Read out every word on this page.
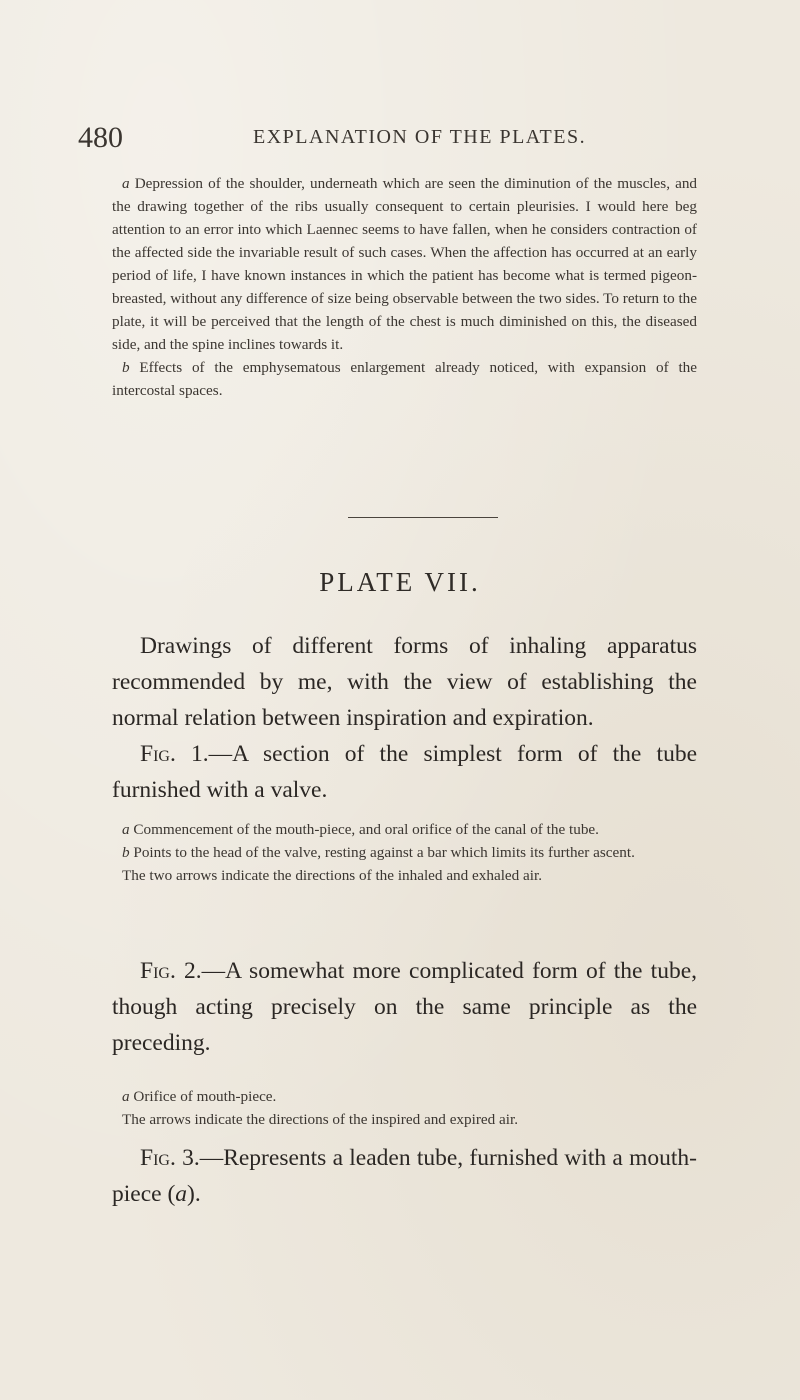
480	EXPLANATION OF THE PLATES.

a Depression of the shoulder, underneath which are seen the diminution of the muscles, and the drawing together of the ribs usually consequent to certain pleurisies. I would here beg attention to an error into which Laennec seems to have fallen, when he considers contraction of the affected side the invariable result of such cases. When the affection has occurred at an early period of life, I have known instances in which the patient has become what is termed pigeon-breasted, without any difference of size being observable between the two sides. To return to the plate, it will be perceived that the length of the chest is much diminished on this, the diseased side, and the spine inclines towards it.

b Effects of the emphysematous enlargement already noticed, with expansion of the intercostal spaces.

PLATE VII.

Drawings of different forms of inhaling apparatus recommended by me, with the view of establishing the normal relation between inspiration and expiration.

Fig. 1.—A section of the simplest form of the tube furnished with a valve.

a Commencement of the mouth-piece, and oral orifice of the canal of the tube.

b Points to the head of the valve, resting against a bar which limits its further ascent.

The two arrows indicate the directions of the inhaled and exhaled air.

Fig. 2.—A somewhat more complicated form of the tube, though acting precisely on the same principle as the preceding.

a Orifice of mouth-piece.

The arrows indicate the directions of the inspired and expired air.

Fig. 3.—Represents a leaden tube, furnished with a mouth-piece (a).
